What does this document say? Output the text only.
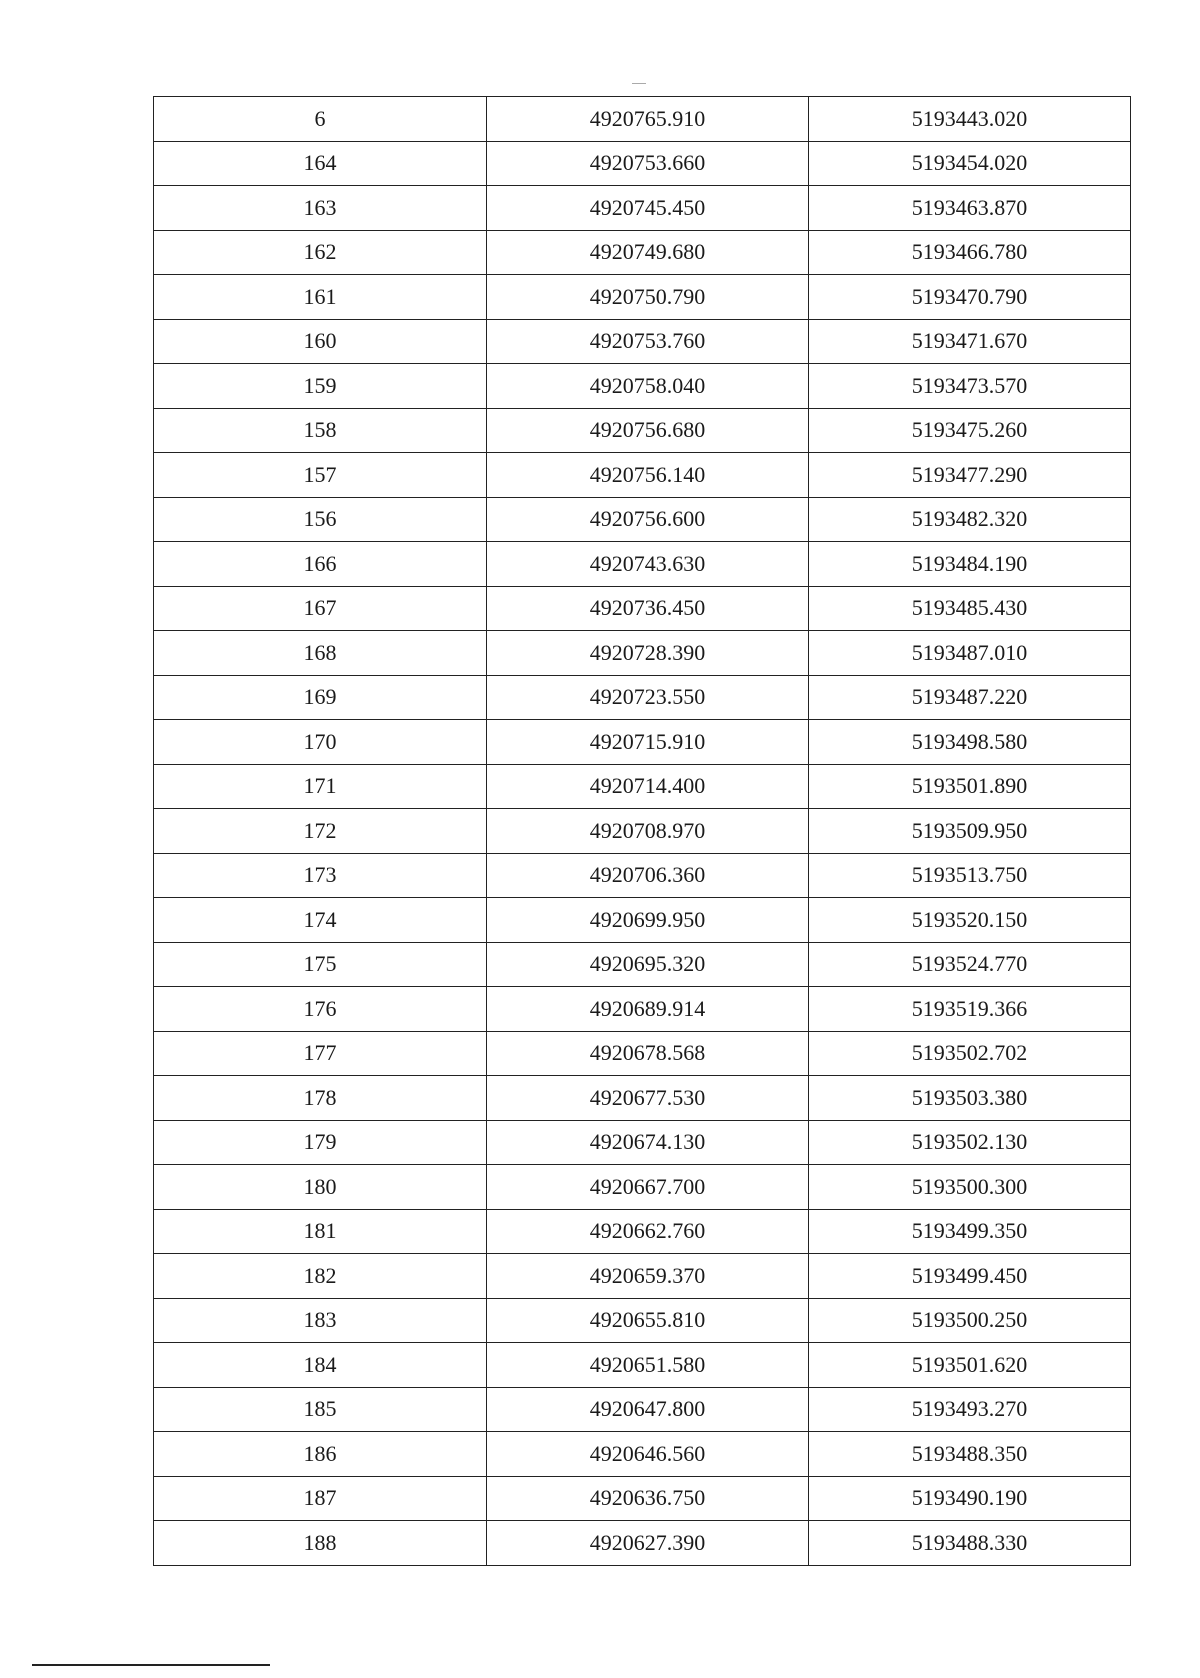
6	4920765.910	5193443.020
164	4920753.660	5193454.020
163	4920745.450	5193463.870
162	4920749.680	5193466.780
161	4920750.790	5193470.790
160	4920753.760	5193471.670
159	4920758.040	5193473.570
158	4920756.680	5193475.260
157	4920756.140	5193477.290
156	4920756.600	5193482.320
166	4920743.630	5193484.190
167	4920736.450	5193485.430
168	4920728.390	5193487.010
169	4920723.550	5193487.220
170	4920715.910	5193498.580
171	4920714.400	5193501.890
172	4920708.970	5193509.950
173	4920706.360	5193513.750
174	4920699.950	5193520.150
175	4920695.320	5193524.770
176	4920689.914	5193519.366
177	4920678.568	5193502.702
178	4920677.530	5193503.380
179	4920674.130	5193502.130
180	4920667.700	5193500.300
181	4920662.760	5193499.350
182	4920659.370	5193499.450
183	4920655.810	5193500.250
184	4920651.580	5193501.620
185	4920647.800	5193493.270
186	4920646.560	5193488.350
187	4920636.750	5193490.190
188	4920627.390	5193488.330
